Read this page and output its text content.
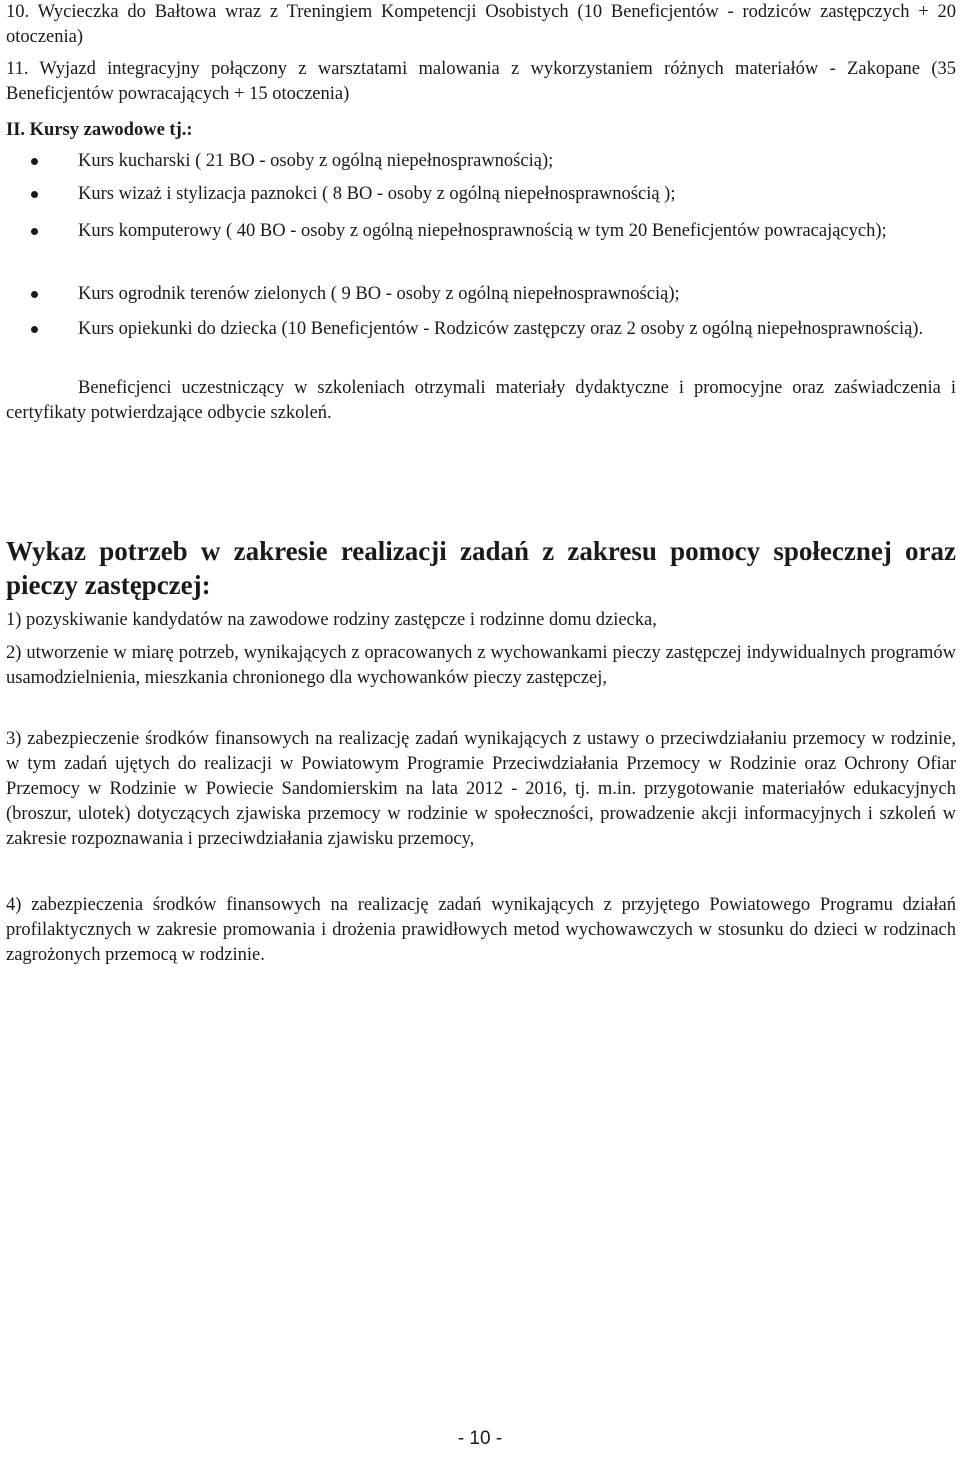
10. Wycieczka do Bałtowa wraz z Treningiem Kompetencji Osobistych (10 Beneficjentów - rodziców zastępczych + 20 otoczenia)
11. Wyjazd integracyjny połączony z warsztatami malowania z wykorzystaniem różnych materiałów - Zakopane (35 Beneficjentów powracających + 15 otoczenia)
II. Kursy zawodowe tj.:
Kurs kucharski ( 21 BO - osoby z ogólną niepełnosprawnością);
Kurs wizaż i stylizacja paznokci ( 8 BO - osoby z ogólną niepełnosprawnością );
Kurs komputerowy ( 40 BO - osoby z ogólną niepełnosprawnością w tym 20 Beneficjentów powracających);
Kurs ogrodnik terenów zielonych ( 9 BO - osoby z ogólną niepełnosprawnością);
Kurs opiekunki do dziecka (10 Beneficjentów - Rodziców zastępczy oraz 2 osoby z ogólną niepełnosprawnością).
Beneficjenci uczestniczący w szkoleniach otrzymali materiały dydaktyczne i promocyjne oraz zaświadczenia i certyfikaty potwierdzające odbycie szkoleń.
Wykaz potrzeb w zakresie realizacji zadań z zakresu pomocy społecznej oraz pieczy zastępczej:
1) pozyskiwanie kandydatów na zawodowe rodziny zastępcze i rodzinne domu dziecka,
2) utworzenie w miarę potrzeb, wynikających z opracowanych z wychowankami pieczy zastępczej indywidualnych programów usamodzielnienia, mieszkania chronionego dla wychowanków pieczy zastępczej,
3) zabezpieczenie środków finansowych na realizację zadań wynikających z ustawy o przeciwdziałaniu przemocy w rodzinie, w tym zadań ujętych do realizacji w Powiatowym Programie Przeciwdziałania Przemocy w Rodzinie oraz Ochrony Ofiar Przemocy w Rodzinie w Powiecie Sandomierskim na lata 2012 - 2016, tj. m.in. przygotowanie materiałów edukacyjnych (broszur, ulotek) dotyczących zjawiska przemocy w rodzinie w społeczności, prowadzenie akcji informacyjnych i szkoleń w zakresie rozpoznawania i przeciwdziałania zjawisku przemocy,
4) zabezpieczenia środków finansowych na realizację zadań wynikających z przyjętego Powiatowego Programu działań profilaktycznych w zakresie promowania i drożenia prawidłowych metod wychowawczych w stosunku do dzieci w rodzinach zagrożonych przemocą w rodzinie.
- 10 -
